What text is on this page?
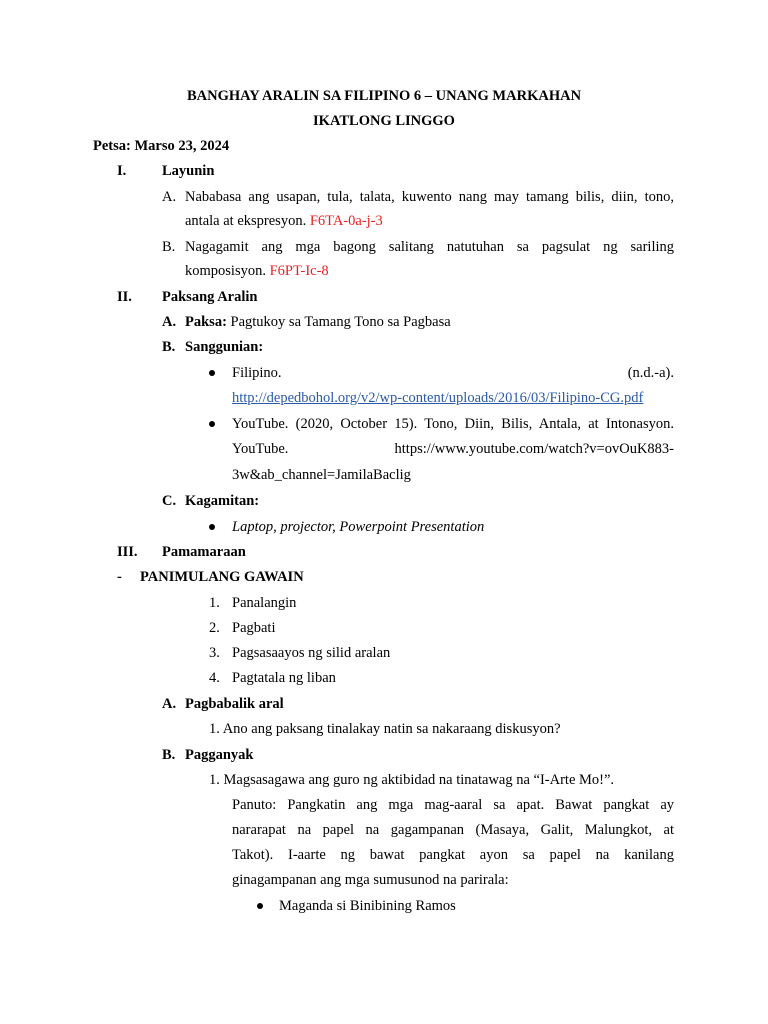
BANGHAY ARALIN SA FILIPINO 6 – UNANG MARKAHAN
IKATLONG LINGGO
Petsa: Marso 23, 2024
I. Layunin
A. Nababasa ang usapan, tula, talata, kuwento nang may tamang bilis, diin, tono,
antala at ekspresyon. F6TA-0a-j-3
B. Nagagamit ang mga bagong salitang natutuhan sa pagsulat ng sariling
komposisyon. F6PT-Ic-8
II. Paksang Aralin
A. Paksa: Pagtukoy sa Tamang Tono sa Pagbasa
B. Sanggunian:
Filipino.	(n.d.-a).
http://depedbohol.org/v2/wp-content/uploads/2016/03/Filipino-CG.pdf
YouTube. (2020, October 15). Tono, Diin, Bilis, Antala, at Intonasyon.
YouTube.	https://www.youtube.com/watch?v=ovOuK883-
3w&ab_channel=JamilaBaclig
C. Kagamitan:
Laptop, projector, Powerpoint Presentation
III. Pamamaraan
- PANIMULANG GAWAIN
1. Panalangin
2. Pagbati
3. Pagsasaayos ng silid aralan
4. Pagtatala ng liban
A. Pagbabalik aral
1. Ano ang paksang tinalakay natin sa nakaraang diskusyon?
B. Pagganyak
1. Magsasagawa ang guro ng aktibidad na tinatawag na “I-Arte Mo!”.
Panuto: Pangkatin ang mga mag-aaral sa apat. Bawat pangkat ay
nararapat na papel na gagampanan (Masaya, Galit, Malungkot, at
Takot). I-aarte ng bawat pangkat ayon sa papel na kanilang
ginagampanan ang mga sumusunod na parirala:
Maganda si Binibining Ramos
